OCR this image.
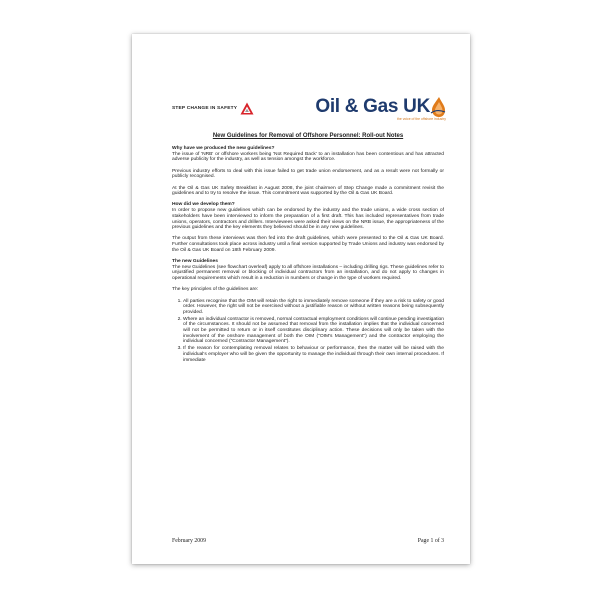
STEP CHANGE IN SAFETY	Oil & Gas UK
the voice of the offshore industry
New Guidelines for Removal of Offshore Personnel: Roll-out Notes
Why have we produced the new guidelines?
The issue of 'NRB' or offshore workers being 'Not Required Back' to an installation has been contentious and has attracted adverse publicity for the industry, as well as tension amongst the workforce.
Previous industry efforts to deal with this issue failed to get trade union endorsement, and as a result were not formally or publicly recognised.
At the Oil & Gas UK Safety Breakfast in August 2008, the joint chairmen of Step Change made a commitment revisit the guidelines and to try to resolve the issue. This commitment was supported by the Oil & Gas UK Board.
How did we develop them?
In order to propose new guidelines which can be endorsed by the industry and the trade unions, a wide cross section of stakeholders have been interviewed to inform the preparation of a first draft. This has included representatives from trade unions, operators, contractors and drillers. Interviewees were asked their views on the NRB issue, the appropriateness of the previous guidelines and the key elements they believed should be in any new guidelines.
The output from these interviews was then fed into the draft guidelines, which were presented to the Oil & Gas UK Board. Further consultations took place across industry until a final version supported by Trade Unions and industry was endorsed by the Oil & Gas UK Board on 18th February 2009.
The new Guidelines
The new Guidelines (see flowchart overleaf) apply to all offshore installations – including drilling rigs. These guidelines refer to unjustified permanent removal or blocking of individual contractors from an installation, and do not apply to changes in operational requirements which result in a reduction in numbers or change in the type of workers required.
The key principles of the guidelines are:
1. All parties recognise that the OIM will retain the right to immediately remove someone if they are a risk to safety or good order. However, the right will not be exercised without a justifiable reason or without written reasons being subsequently provided.
2. Where an individual contractor is removed, normal contractual employment conditions will continue pending investigation of the circumstances. It should not be assumed that removal from the installation implies that the individual concerned will not be permitted to return or in itself constitutes disciplinary action. These decisions will only be taken with the involvement of the onshore management of both the OIM ("OIM's Management") and the contractor employing the individual concerned ("Contractor Management").
3. If the reason for contemplating removal relates to behaviour or performance, then the matter will be raised with the individual's employer who will be given the opportunity to manage the individual through their own internal procedures. If immediate
February 2009	Page 1 of 3
